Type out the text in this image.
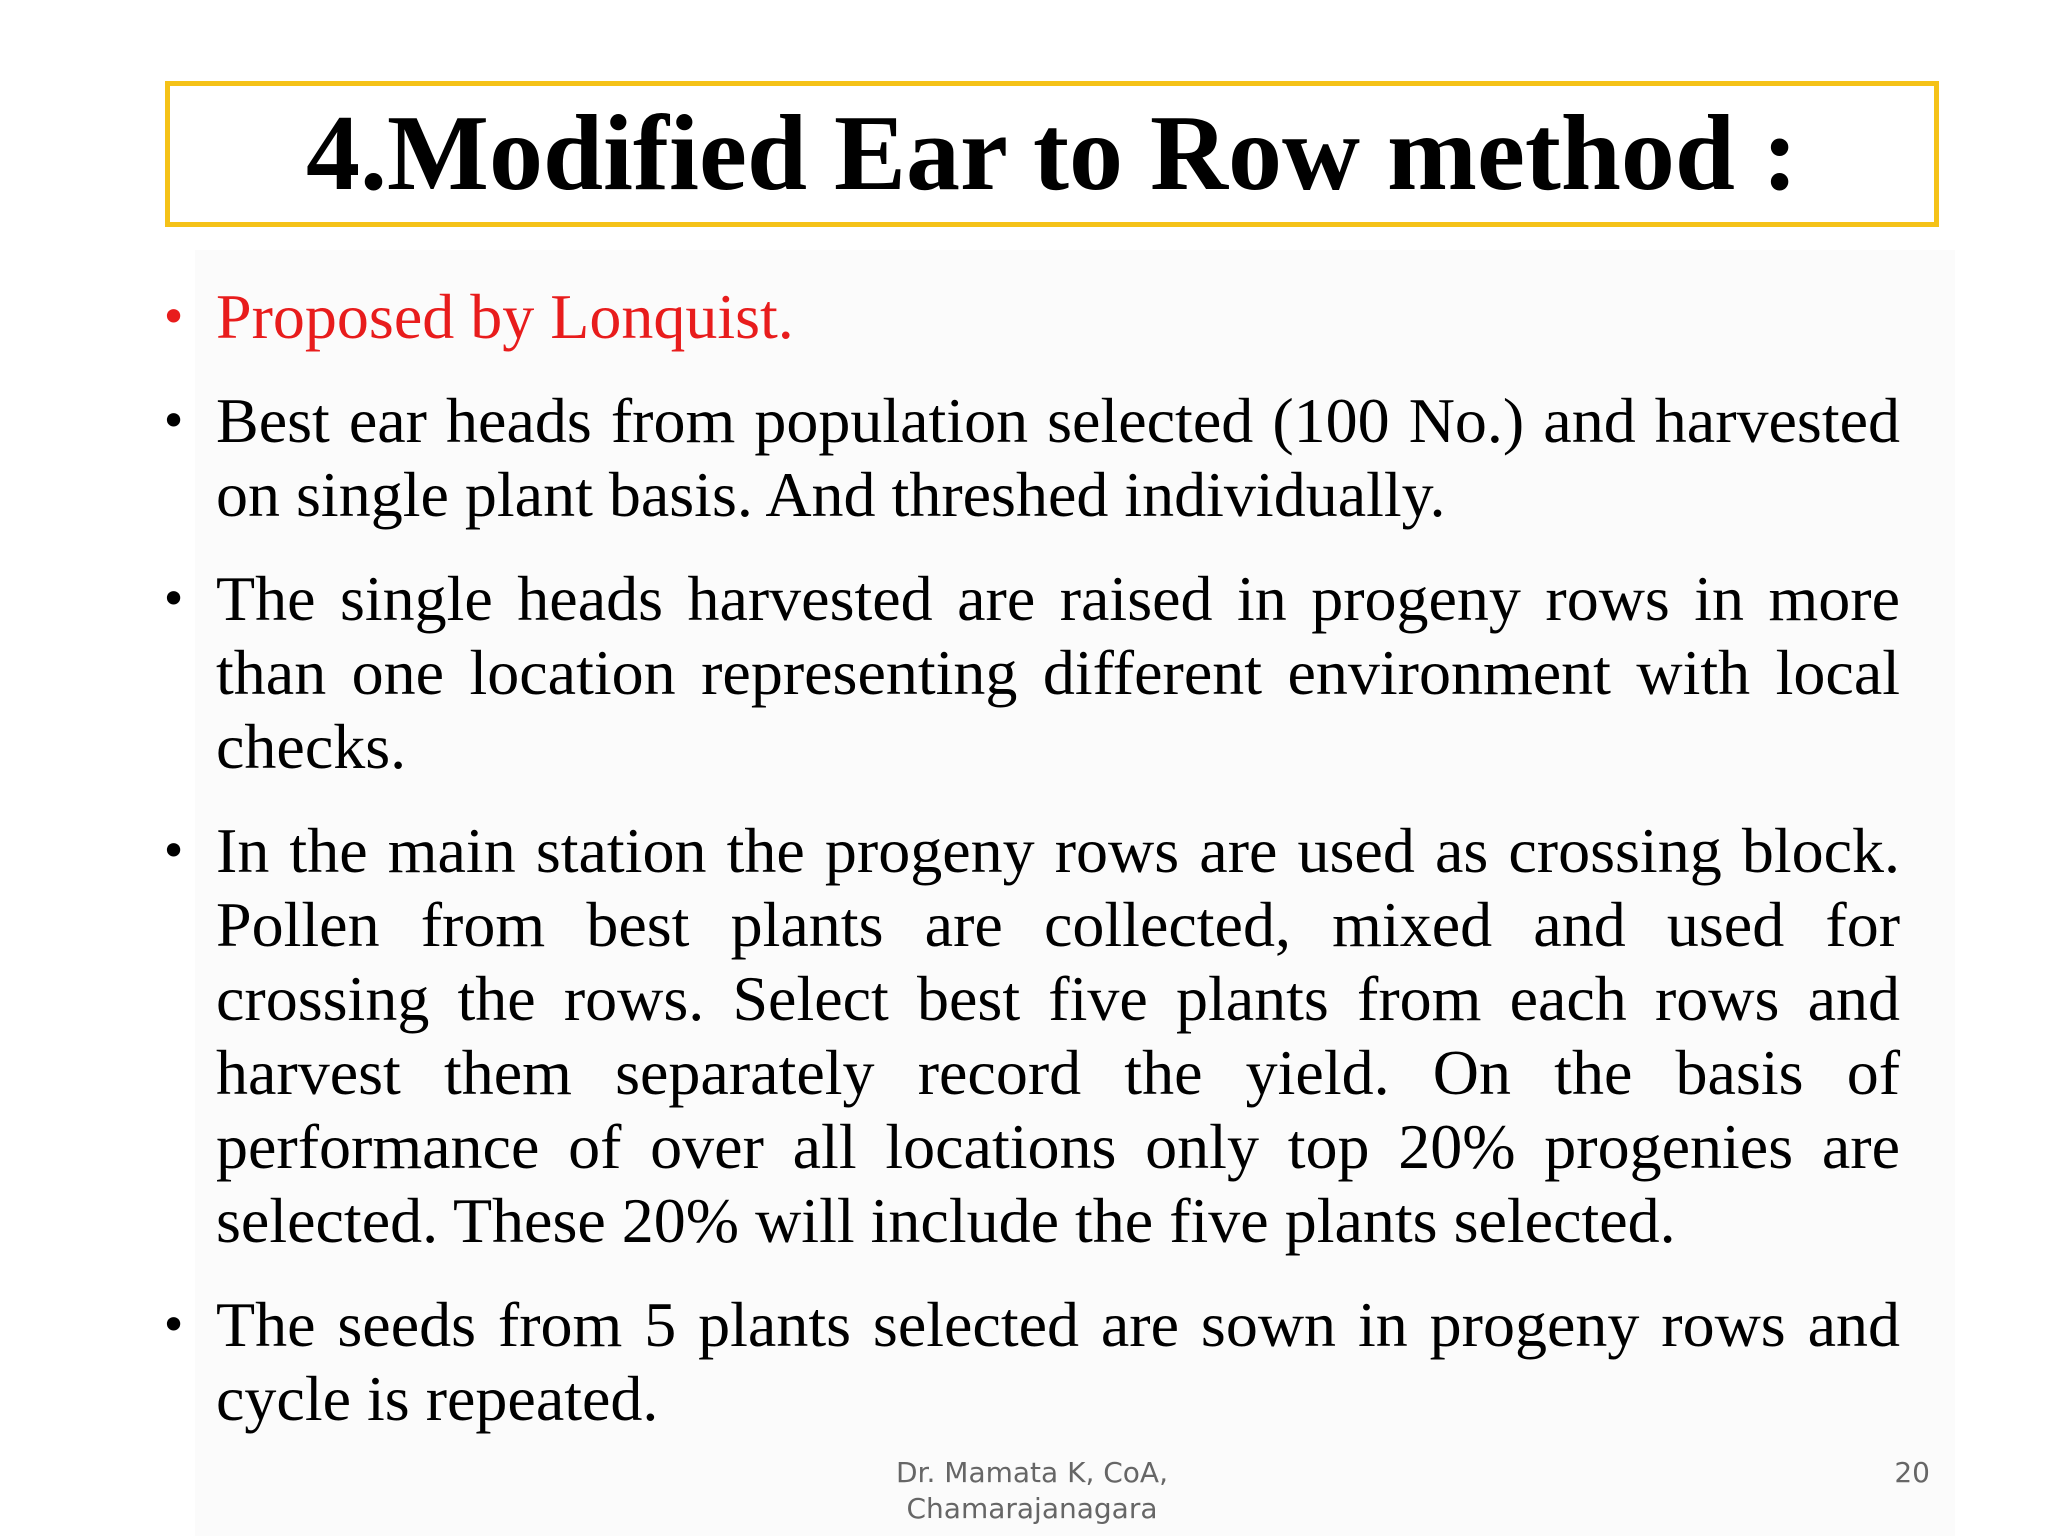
4.Modified Ear to Row method :
• Proposed by Lonquist.
• Best ear heads from population selected (100 No.) and harvested on single plant basis. And threshed individually.
• The single heads harvested are raised in progeny rows in more than one location representing different environment with local checks.
• In the main station the progeny rows are used as crossing block. Pollen from best plants are collected, mixed and used for crossing the rows. Select best five plants from each rows and harvest them separately record the yield. On the basis of performance of over all locations only top 20% progenies are selected. These 20% will include the five plants selected.
• The seeds from 5 plants selected are sown in progeny rows and cycle is repeated.
Dr. Mamata K, CoA, Chamarajanagara
20
